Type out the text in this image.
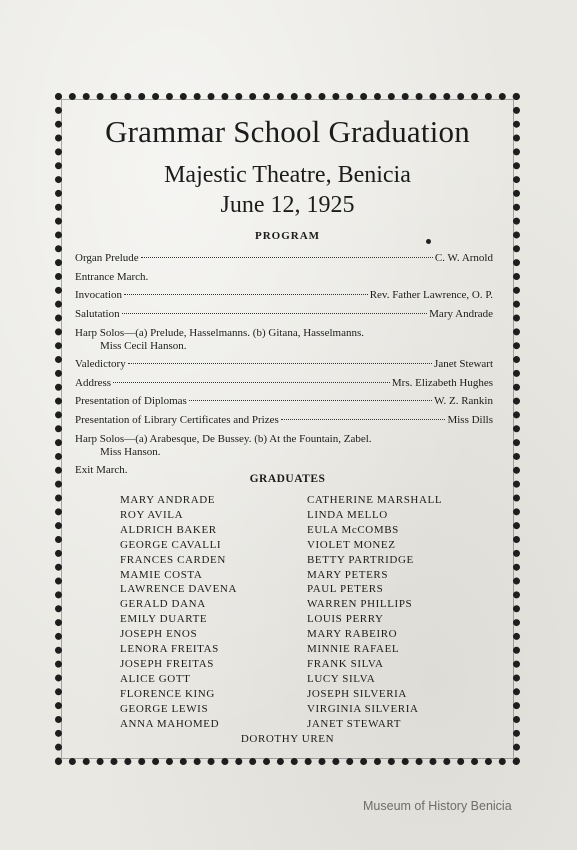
Grammar School Graduation
Majestic Theatre, Benicia
June 12, 1925
PROGRAM
Organ Prelude	C. W. Arnold
Entrance March.
Invocation	Rev. Father Lawrence, O. P.
Salutation	Mary Andrade
Harp Solos—(a) Prelude, Hasselmanns. (b) Gitana, Hasselmanns.
Miss Cecil Hanson.
Valedictory	Janet Stewart
Address	Mrs. Elizabeth Hughes
Presentation of Diplomas	W. Z. Rankin
Presentation of Library Certificates and Prizes	Miss Dills
Harp Solos—(a) Arabesque, De Bussey. (b) At the Fountain, Zabel.
Miss Hanson.
Exit March.
GRADUATES
MARY ANDRADE
ROY AVILA
ALDRICH BAKER
GEORGE CAVALLI
FRANCES CARDEN
MAMIE COSTA
LAWRENCE DAVENA
GERALD DANA
EMILY DUARTE
JOSEPH ENOS
LENORA FREITAS
JOSEPH FREITAS
ALICE GOTT
FLORENCE KING
GEORGE LEWIS
ANNA MAHOMED
CATHERINE MARSHALL
LINDA MELLO
EULA McCOMBS
VIOLET MONEZ
BETTY PARTRIDGE
MARY PETERS
PAUL PETERS
WARREN PHILLIPS
LOUIS PERRY
MARY RABEIRO
MINNIE RAFAEL
FRANK SILVA
LUCY SILVA
JOSEPH SILVERIA
VIRGINIA SILVERIA
JANET STEWART
DOROTHY UREN
Museum of History Benicia
